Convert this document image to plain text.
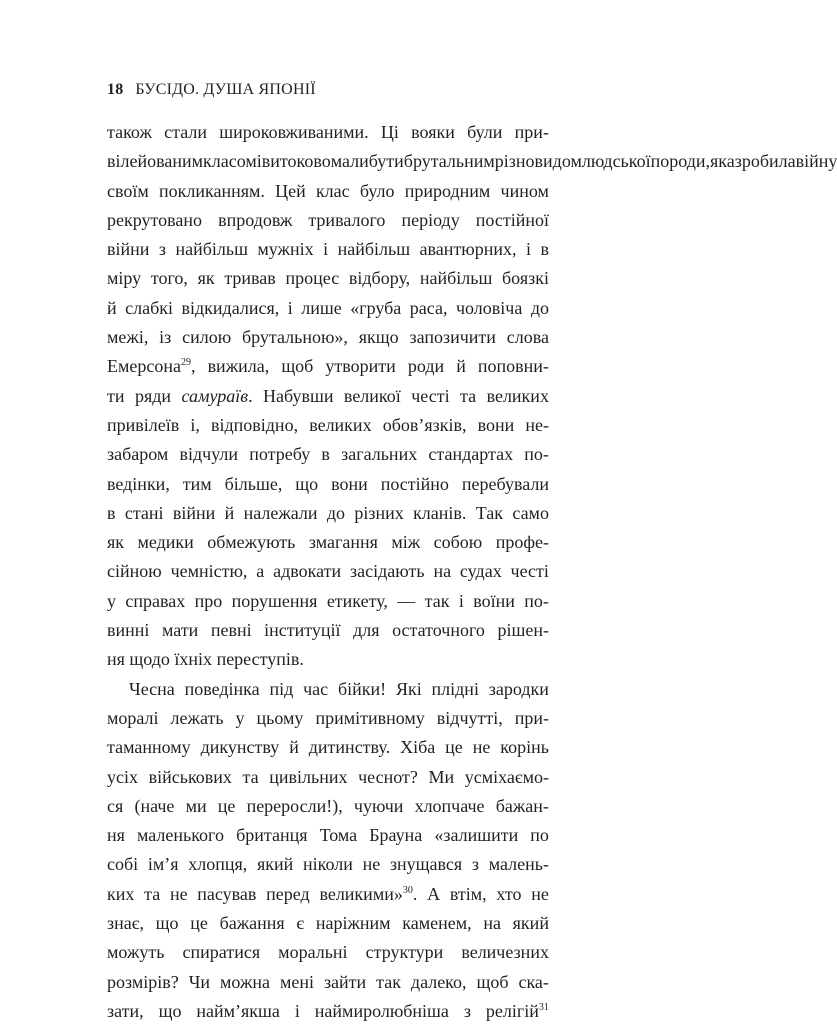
18 БУСІДО. ДУША ЯПОНІЇ
також стали широковживаними. Ці вояки були при-
вілейованим класом і витоково мали бути брутальним різновидом людської породи, яка зробила війну
своїм покликанням. Цей клас було природним чином
рекрутовано впродовж тривалого періоду постійної
війни з найбільш мужніх і найбільш авантюрних, і в
міру того, як тривав процес відбору, найбільш боязкі
й слабкі відкидалися, і лише «груба раса, чоловіча до
межі, із силою брутальною», якщо запозичити слова
Емерсона$^{29}$, вижила, щоб утворити роди й поповни-
ти ряди самураїв. Набувши великої честі та великих
привілеїв і, відповідно, великих обов’язків, вони не-
забаром відчули потребу в загальних стандартах по-
ведінки, тим більше, що вони постійно перебували
в стані війни й належали до різних кланів. Так само
як медики обмежують змагання між собою профе-
сійною чемністю, а адвокати засідають на судах честі
у справах про порушення етикету, — так і воїни по-
винні мати певні інституції для остаточного рішен-
ня щодо їхніх переступів.
Чесна поведінка під час бійки! Які плідні зародки
моралі лежать у цьому примітивному відчутті, при-
таманному дикунству й дитинству. Хіба це не корінь
усіх військових та цивільних чеснот? Ми усміхаємо-
ся (наче ми це переросли!), чуючи хлопчаче бажан-
ня маленького британця Тома Брауна «залишити по
собі ім’я хлопця, який ніколи не знущався з малень-
ких та не пасував перед великими»$^{30}$. А втім, хто не
знає, що це бажання є наріжним каменем, на який
можуть спиратися моральні структури величезних
розмірів? Чи можна мені зайти так далеко, щоб ска-
зати, що найм’якша і наймиролюбніша з релігій$^{31}$
